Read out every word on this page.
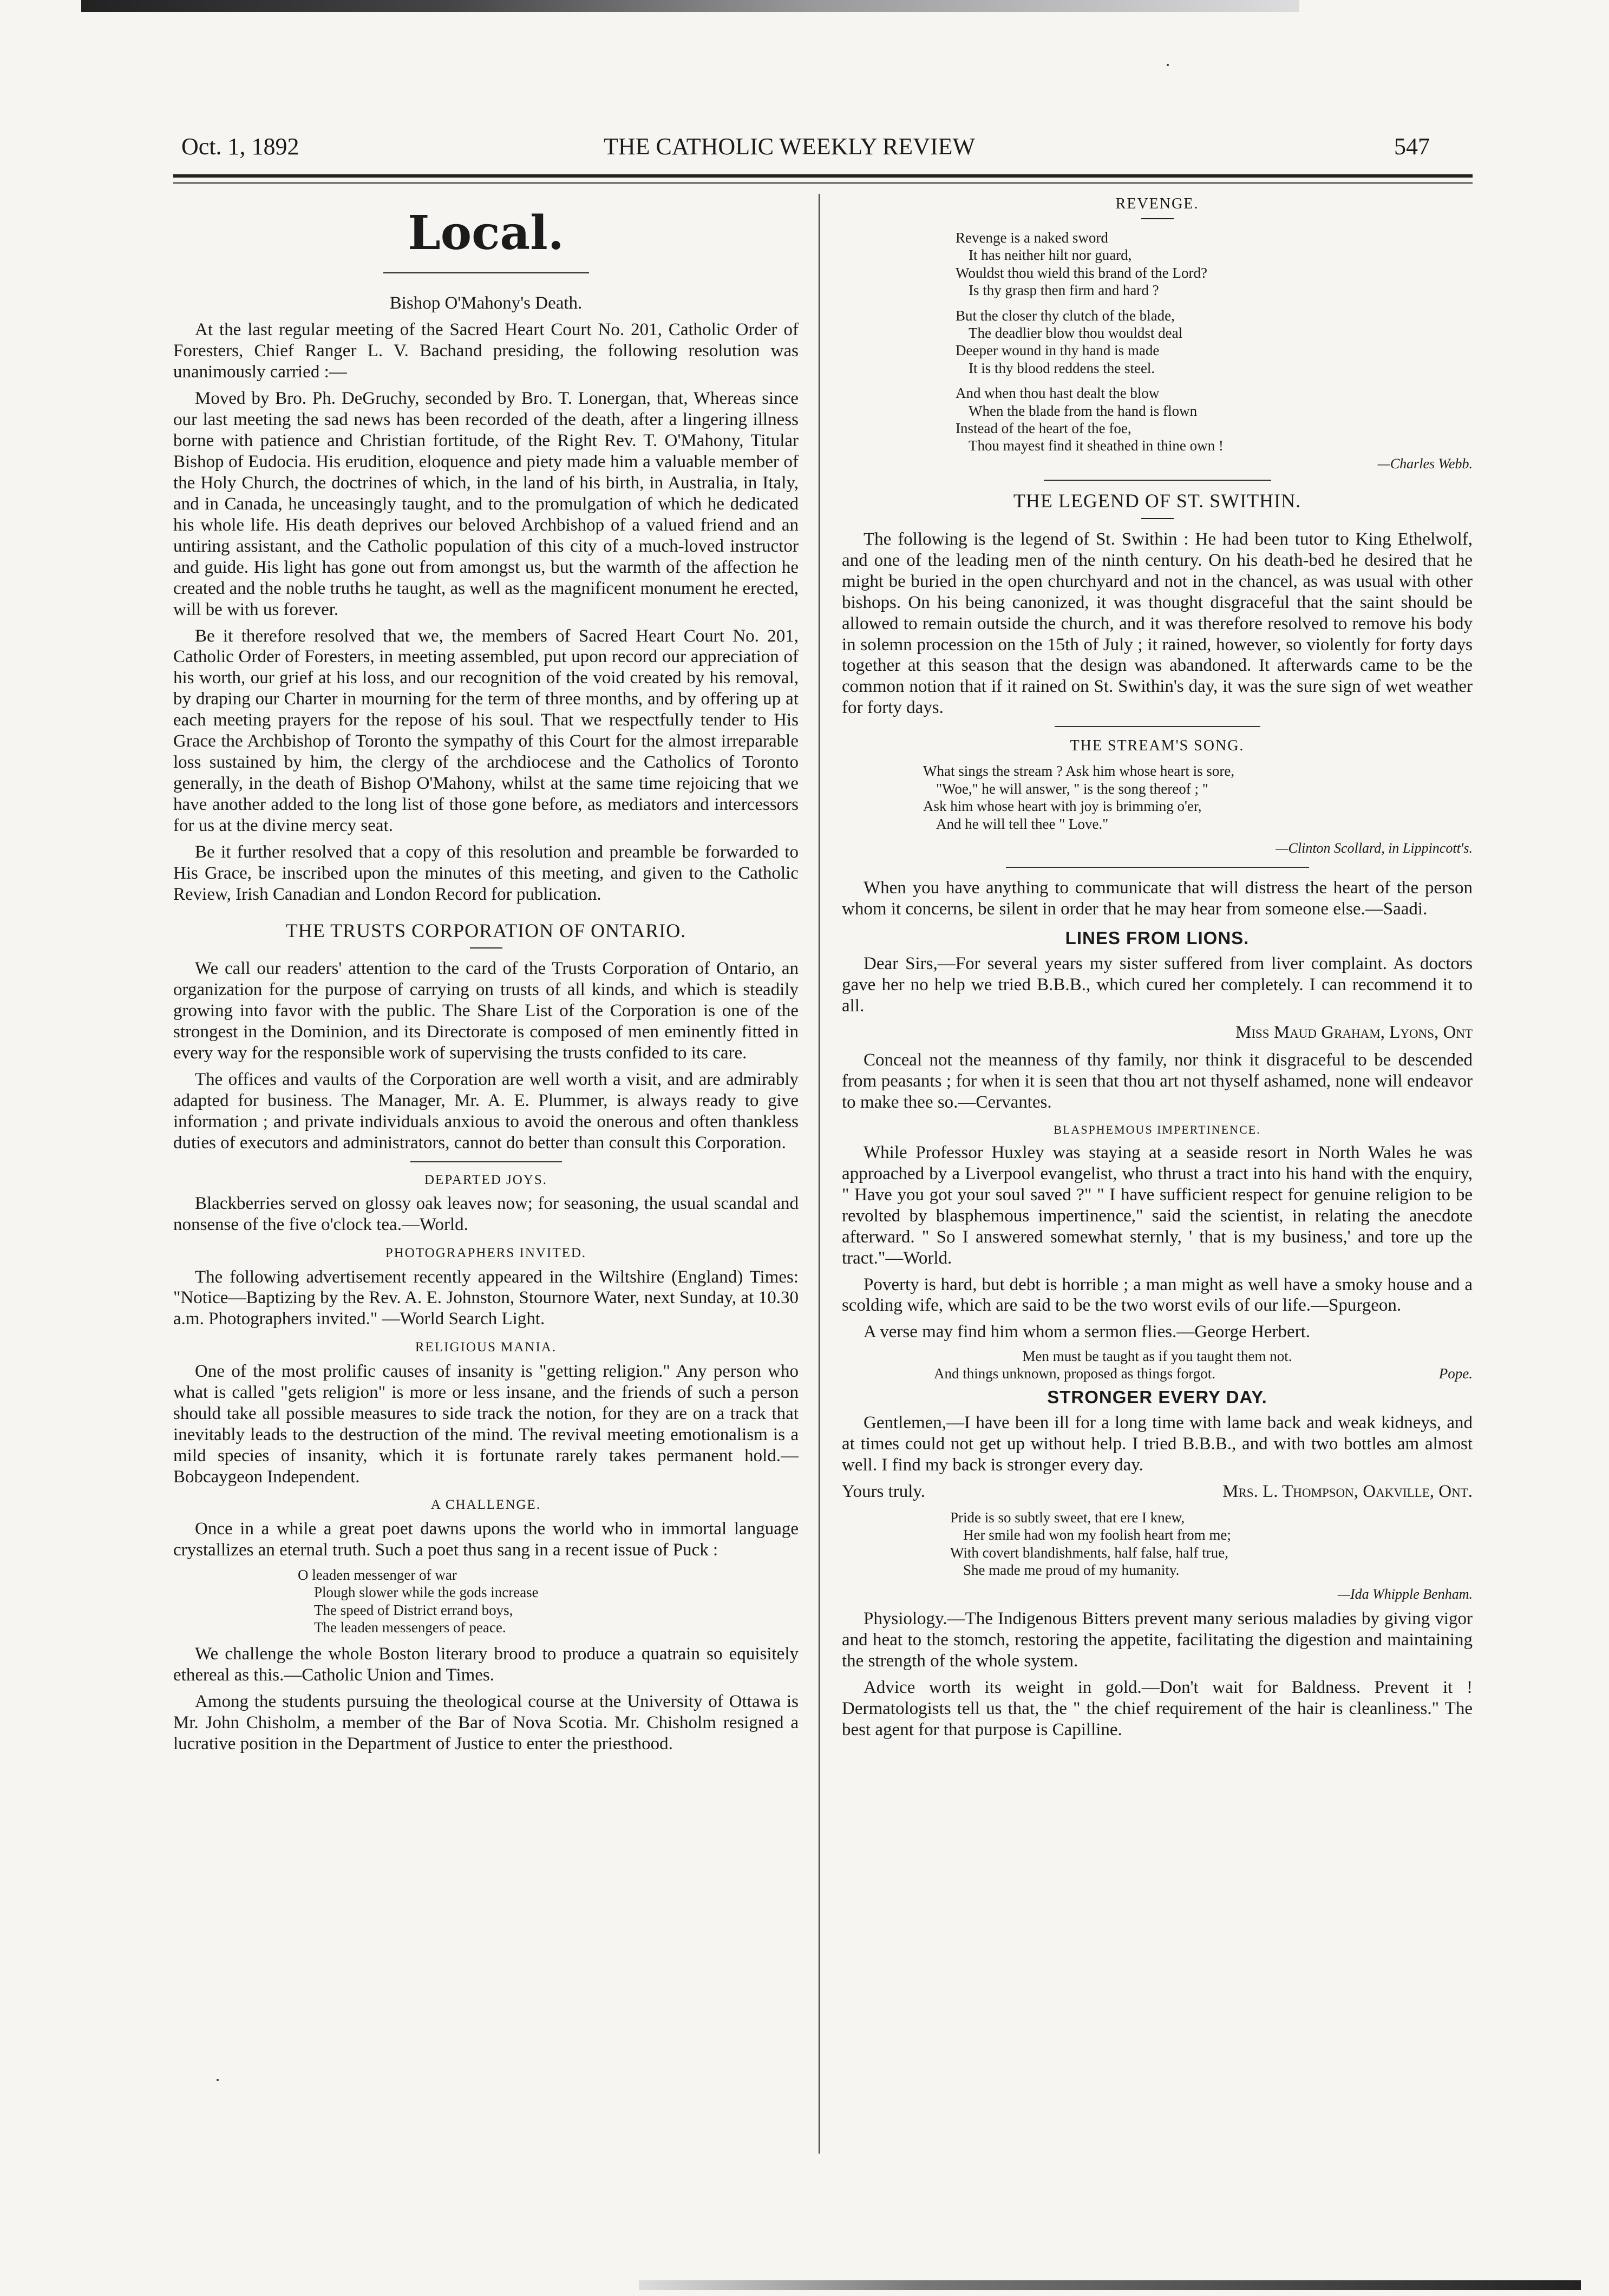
Oct. 1, 1892	THE CATHOLIC WEEKLY REVIEW	547
Local.
Bishop O'Mahony's Death.

At the last regular meeting of the Sacred Heart Court No. 201, Catholic Order of Foresters, Chief Ranger L. V. Bachand presiding, the following resolution was unanimously carried :—

Moved by Bro. Ph. DeGruchy, seconded by Bro. T. Lonergan, that, Whereas since our last meeting the sad news has been recorded of the death, after a lingering illness borne with patience and Christian fortitude, of the Right Rev. T. O'Mahony, Titular Bishop of Eudocia. His erudition, eloquence and piety made him a valuable member of the Holy Church, the doctrines of which, in the land of his birth, in Australia, in Italy, and in Canada, he unceasingly taught, and to the promulgation of which he dedicated his whole life. His death deprives our beloved Archbishop of a valued friend and an untiring assistant, and the Catholic population of this city of a much-loved instructor and guide. His light has gone out from amongst us, but the warmth of the affection he created and the noble truths he taught, as well as the magnificent monument he erected, will be with us forever.

Be it therefore resolved that we, the members of Sacred Heart Court No. 201, Catholic Order of Foresters, in meeting assembled, put upon record our appreciation of his worth, our grief at his loss, and our recognition of the void created by his removal, by draping our Charter in mourning for the term of three months, and by offering up at each meeting prayers for the repose of his soul. That we respectfully tender to His Grace the Archbishop of Toronto the sympathy of this Court for the almost irreparable loss sustained by him, the clergy of the archdiocese and the Catholics of Toronto generally, in the death of Bishop O'Mahony, whilst at the same time rejoicing that we have another added to the long list of those gone before, as mediators and intercessors for us at the divine mercy seat.

Be it further resolved that a copy of this resolution and preamble be forwarded to His Grace, be inscribed upon the minutes of this meeting, and given to the Catholic Review, Irish Canadian and London Record for publication.

THE TRUSTS CORPORATION OF ONTARIO.

We call our readers' attention to the card of the Trusts Corporation of Ontario, an organization for the purpose of carrying on trusts of all kinds, and which is steadily growing into favor with the public. The Share List of the Corporation is one of the strongest in the Dominion, and its Directorate is composed of men eminently fitted in every way for the responsible work of supervising the trusts confided to its care.

The offices and vaults of the Corporation are well worth a visit, and are admirably adapted for business. The Manager, Mr. A. E. Plummer, is always ready to give information ; and private individuals anxious to avoid the onerous and often thankless duties of executors and administrators, cannot do better than consult this Corporation.

DEPARTED JOYS.

Blackberries served on glossy oak leaves now; for seasoning, the usual scandal and nonsense of the five o'clock tea.—World.

PHOTOGRAPHERS INVITED.

The following advertisement recently appeared in the Wiltshire (England) Times: "Notice—Baptizing by the Rev. A. E. Johnston, Stournore Water, next Sunday, at 10.30 a.m. Photographers invited." —World Search Light.

RELIGIOUS MANIA.

One of the most prolific causes of insanity is "getting religion." Any person who what is called "gets religion" is more or less insane, and the friends of such a person should take all possible measures to side track the notion, for they are on a track that inevitably leads to the destruction of the mind. The revival meeting emotionalism is a mild species of insanity, which it is fortunate rarely takes permanent hold.—Bobcaygeon Independent.

A CHALLENGE.

Once in a while a great poet dawns upons the world who in immortal language crystallizes an eternal truth. Such a poet thus sang in a recent issue of Puck :

O leaden messenger of war
Plough slower while the gods increase
The speed of District errand boys,
The leaden messengers of peace.

We challenge the whole Boston literary brood to produce a quatrain so equisitely ethereal as this.—Catholic Union and Times.

Among the students pursuing the theological course at the University of Ottawa is Mr. John Chisholm, a member of the Bar of Nova Scotia. Mr. Chisholm resigned a lucrative position in the Department of Justice to enter the priesthood.

REVENGE.
Revenge is a naked sword
It has neither hilt nor guard,
Wouldst thou wield this brand of the Lord?
Is thy grasp then firm and hard ?
But the closer thy clutch of the blade,
The deadlier blow thou wouldst deal
Deeper wound in thy hand is made
It is thy blood reddens the steel.
And when thou hast dealt the blow
When the blade from the hand is flown
Instead of the heart of the foe,
Thou mayest find it sheathed in thine own !
—Charles Webb.
THE LEGEND OF ST. SWITHIN.

The following is the legend of St. Swithin : He had been tutor to King Ethelwolf, and one of the leading men of the ninth century. On his death-bed he desired that he might be buried in the open churchyard and not in the chancel, as was usual with other bishops. On his being canonized, it was thought disgraceful that the saint should be allowed to remain outside the church, and it was therefore resolved to remove his body in solemn procession on the 15th of July ; it rained, however, so violently for forty days together at this season that the design was abandoned. It afterwards came to be the common notion that if it rained on St. Swithin's day, it was the sure sign of wet weather for forty days.

THE STREAM'S SONG.
What sings the stream ? Ask him whose heart is sore,
"Woe," he will answer, " is the song thereof ; "
Ask him whose heart with joy is brimming o'er,
And he will tell thee " Love."
—Clinton Scollard, in Lippincott's.

When you have anything to communicate that will distress the heart of the person whom it concerns, be silent in order that he may hear from someone else.—Saadi.

LINES FROM LIONS.

Dear Sirs,—For several years my sister suffered from liver complaint. As doctors gave her no help we tried B.B.B., which cured her completely. I can recommend it to all.

Miss Maud Graham, Lyons, Ont

Conceal not the meanness of thy family, nor think it disgraceful to be descended from peasants ; for when it is seen that thou art not thyself ashamed, none will endeavor to make thee so.—Cervantes.

BLASPHEMOUS IMPERTINENCE.

While Professor Huxley was staying at a seaside resort in North Wales he was approached by a Liverpool evangelist, who thrust a tract into his hand with the enquiry, " Have you got your soul saved ?" " I have sufficient respect for genuine religion to be revolted by blasphemous impertinence," said the scientist, in relating the anecdote afterward. " So I answered somewhat sternly, ' that is my business,' and tore up the tract."—World.

Poverty is hard, but debt is horrible ; a man might as well have a smoky house and a scolding wife, which are said to be the two worst evils of our life.—Spurgeon.

A verse may find him whom a sermon flies.—George Herbert.

Men must be taught as if you taught them not.
And things unknown, proposed as things forgot.	Pope.
STRONGER EVERY DAY.

Gentlemen,—I have been ill for a long time with lame back and weak kidneys, and at times could not get up without help. I tried B.B.B., and with two bottles am almost well. I find my back is stronger every day.

Yours truly.	Mrs. L. Thompson, Oakville, Ont.
Pride is so subtly sweet, that ere I knew,
Her smile had won my foolish heart from me;
With covert blandishments, half false, half true,
She made me proud of my humanity.
—Ida Whipple Benham.

Physiology.—The Indigenous Bitters prevent many serious maladies by giving vigor and heat to the stomch, restoring the appetite, facilitating the digestion and maintaining the strength of the whole system.

Advice worth its weight in gold.—Don't wait for Baldness. Prevent it ! Dermatologists tell us that, the " the chief requirement of the hair is cleanliness." The best agent for that purpose is Capilline.
